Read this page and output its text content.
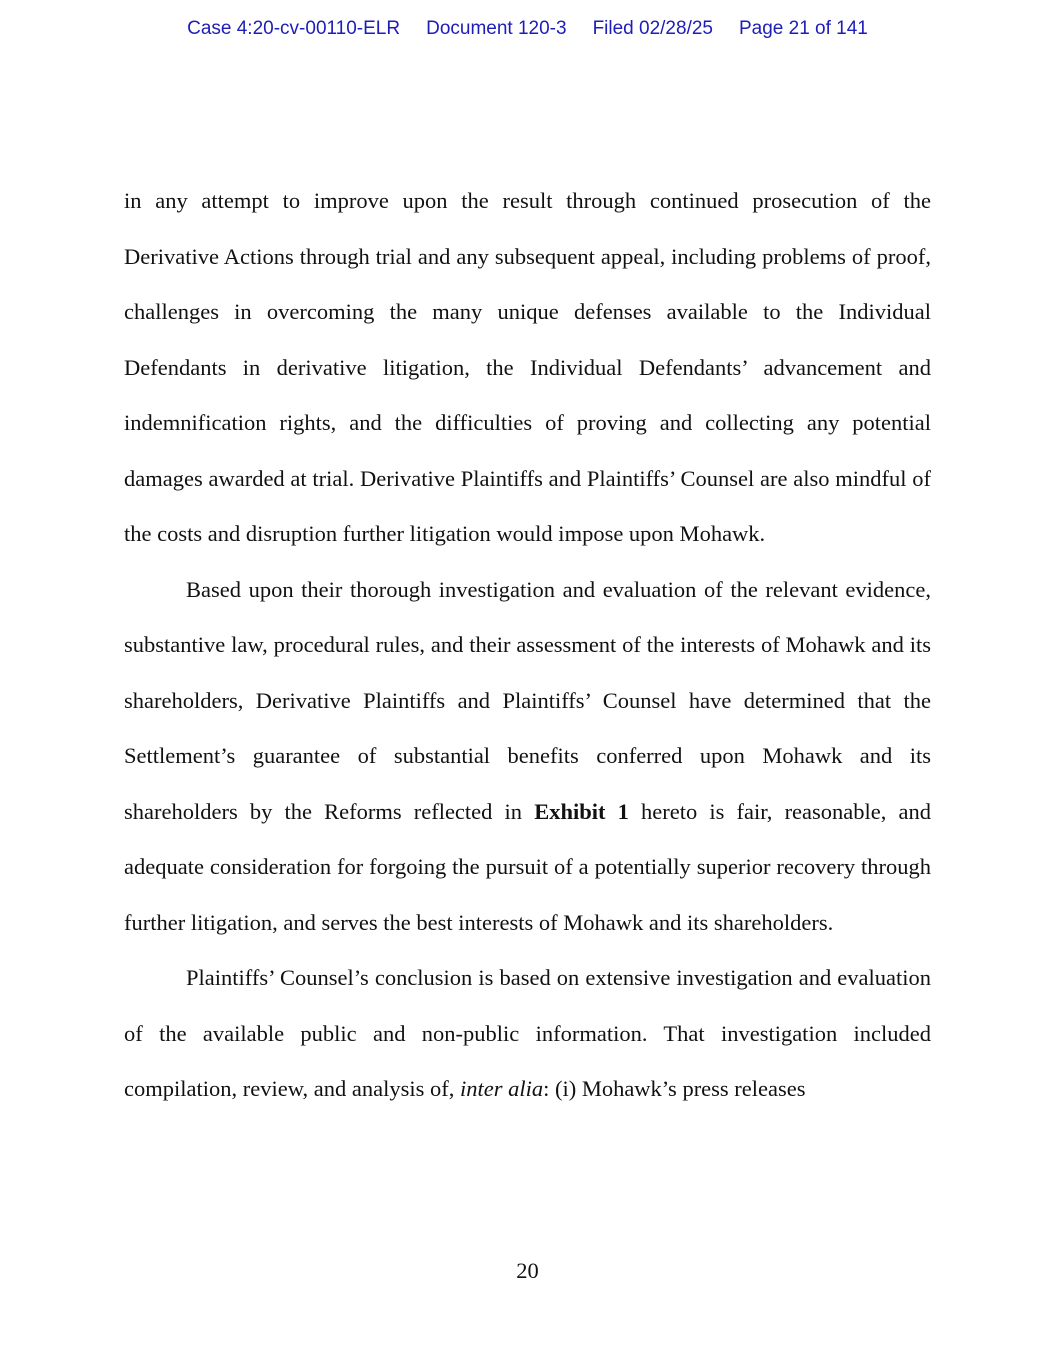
Case 4:20-cv-00110-ELR Document 120-3 Filed 02/28/25 Page 21 of 141

in any attempt to improve upon the result through continued prosecution of the Derivative Actions through trial and any subsequent appeal, including problems of proof, challenges in overcoming the many unique defenses available to the Individual Defendants in derivative litigation, the Individual Defendants’ advancement and indemnification rights, and the difficulties of proving and collecting any potential damages awarded at trial. Derivative Plaintiffs and Plaintiffs’ Counsel are also mindful of the costs and disruption further litigation would impose upon Mohawk.

Based upon their thorough investigation and evaluation of the relevant evidence, substantive law, procedural rules, and their assessment of the interests of Mohawk and its shareholders, Derivative Plaintiffs and Plaintiffs’ Counsel have determined that the Settlement’s guarantee of substantial benefits conferred upon Mohawk and its shareholders by the Reforms reflected in Exhibit 1 hereto is fair, reasonable, and adequate consideration for forgoing the pursuit of a potentially superior recovery through further litigation, and serves the best interests of Mohawk and its shareholders.

Plaintiffs’ Counsel’s conclusion is based on extensive investigation and evaluation of the available public and non-public information. That investigation included compilation, review, and analysis of, inter alia: (i) Mohawk’s press releases

20
